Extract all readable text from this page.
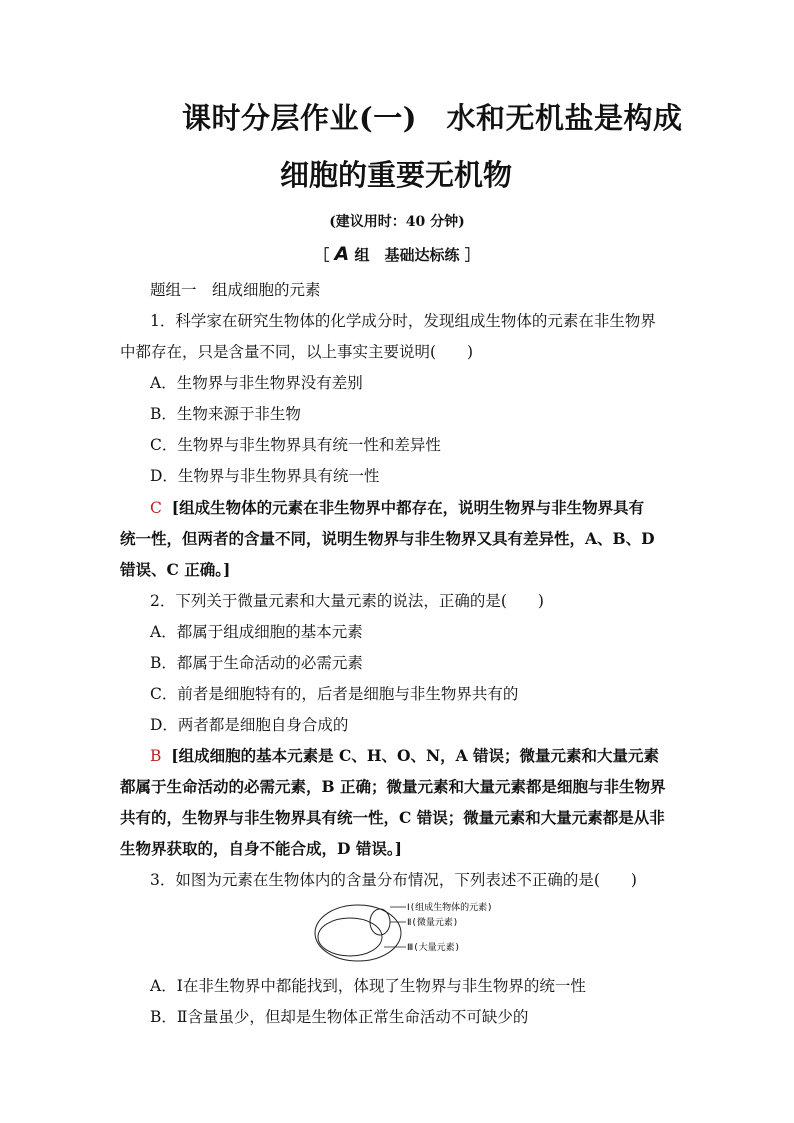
课时分层作业(一)　水和无机盐是构成
细胞的重要无机物
(建议用时：40 分钟)
［ A 组　基础达标练 ］
题组一　组成细胞的元素
1．科学家在研究生物体的化学成分时，发现组成生物体的元素在非生物界
中都存在，只是含量不同，以上事实主要说明(　　)
A．生物界与非生物界没有差别
B．生物来源于非生物
C．生物界与非生物界具有统一性和差异性
D．生物界与非生物界具有统一性
C [组成生物体的元素在非生物界中都存在，说明生物界与非生物界具有
统一性，但两者的含量不同，说明生物界与非生物界又具有差异性，A、B、D
错误、C 正确。]
2．下列关于微量元素和大量元素的说法，正确的是(　　)
A．都属于组成细胞的基本元素
B．都属于生命活动的必需元素
C．前者是细胞特有的，后者是细胞与非生物界共有的
D．两者都是细胞自身合成的
B [组成细胞的基本元素是 C、H、O、N，A 错误；微量元素和大量元素
都属于生命活动的必需元素，B 正确；微量元素和大量元素都是细胞与非生物界
共有的，生物界与非生物界具有统一性，C 错误；微量元素和大量元素都是从非
生物界获取的，自身不能合成，D 错误。]
3．如图为元素在生物体内的含量分布情况，下列表述不正确的是(　　)
Ⅰ(组成生物体的元素)
Ⅱ(微量元素)
Ⅲ(大量元素)
A．Ⅰ在非生物界中都能找到，体现了生物界与非生物界的统一性
B．Ⅱ含量虽少，但却是生物体正常生命活动不可缺少的
